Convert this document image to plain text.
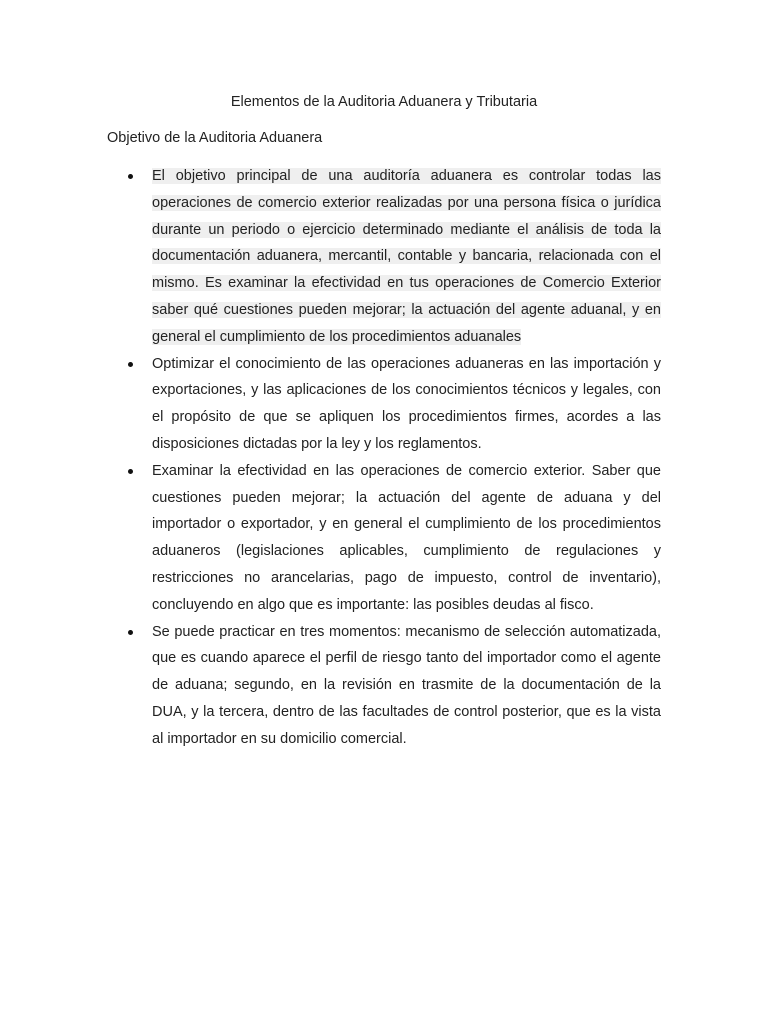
Elementos de la Auditoria Aduanera y Tributaria
Objetivo de la Auditoria Aduanera
El objetivo principal de una auditoría aduanera es controlar todas las operaciones de comercio exterior realizadas por una persona física o jurídica durante un periodo o ejercicio determinado mediante el análisis de toda la documentación aduanera, mercantil, contable y bancaria, relacionada con el mismo. Es examinar la efectividad en tus operaciones de Comercio Exterior saber qué cuestiones pueden mejorar; la actuación del agente aduanal, y en general el cumplimiento de los procedimientos aduanales
Optimizar el conocimiento de las operaciones aduaneras en las importación y exportaciones, y las aplicaciones de los conocimientos técnicos y legales, con el propósito de que se apliquen los procedimientos firmes, acordes a las disposiciones dictadas por la ley y los reglamentos.
Examinar la efectividad en las operaciones de comercio exterior. Saber que cuestiones pueden mejorar; la actuación del agente de aduana y del importador o exportador, y en general el cumplimiento de los procedimientos aduaneros (legislaciones aplicables, cumplimiento de regulaciones y restricciones no arancelarias, pago de impuesto, control de inventario), concluyendo en algo que es importante: las posibles deudas al fisco.
Se puede practicar en tres momentos: mecanismo de selección automatizada, que es cuando aparece el perfil de riesgo tanto del importador como el agente de aduana; segundo, en la revisión en trasmite de la documentación de la DUA, y la tercera, dentro de las facultades de control posterior, que es la vista al importador en su domicilio comercial.
